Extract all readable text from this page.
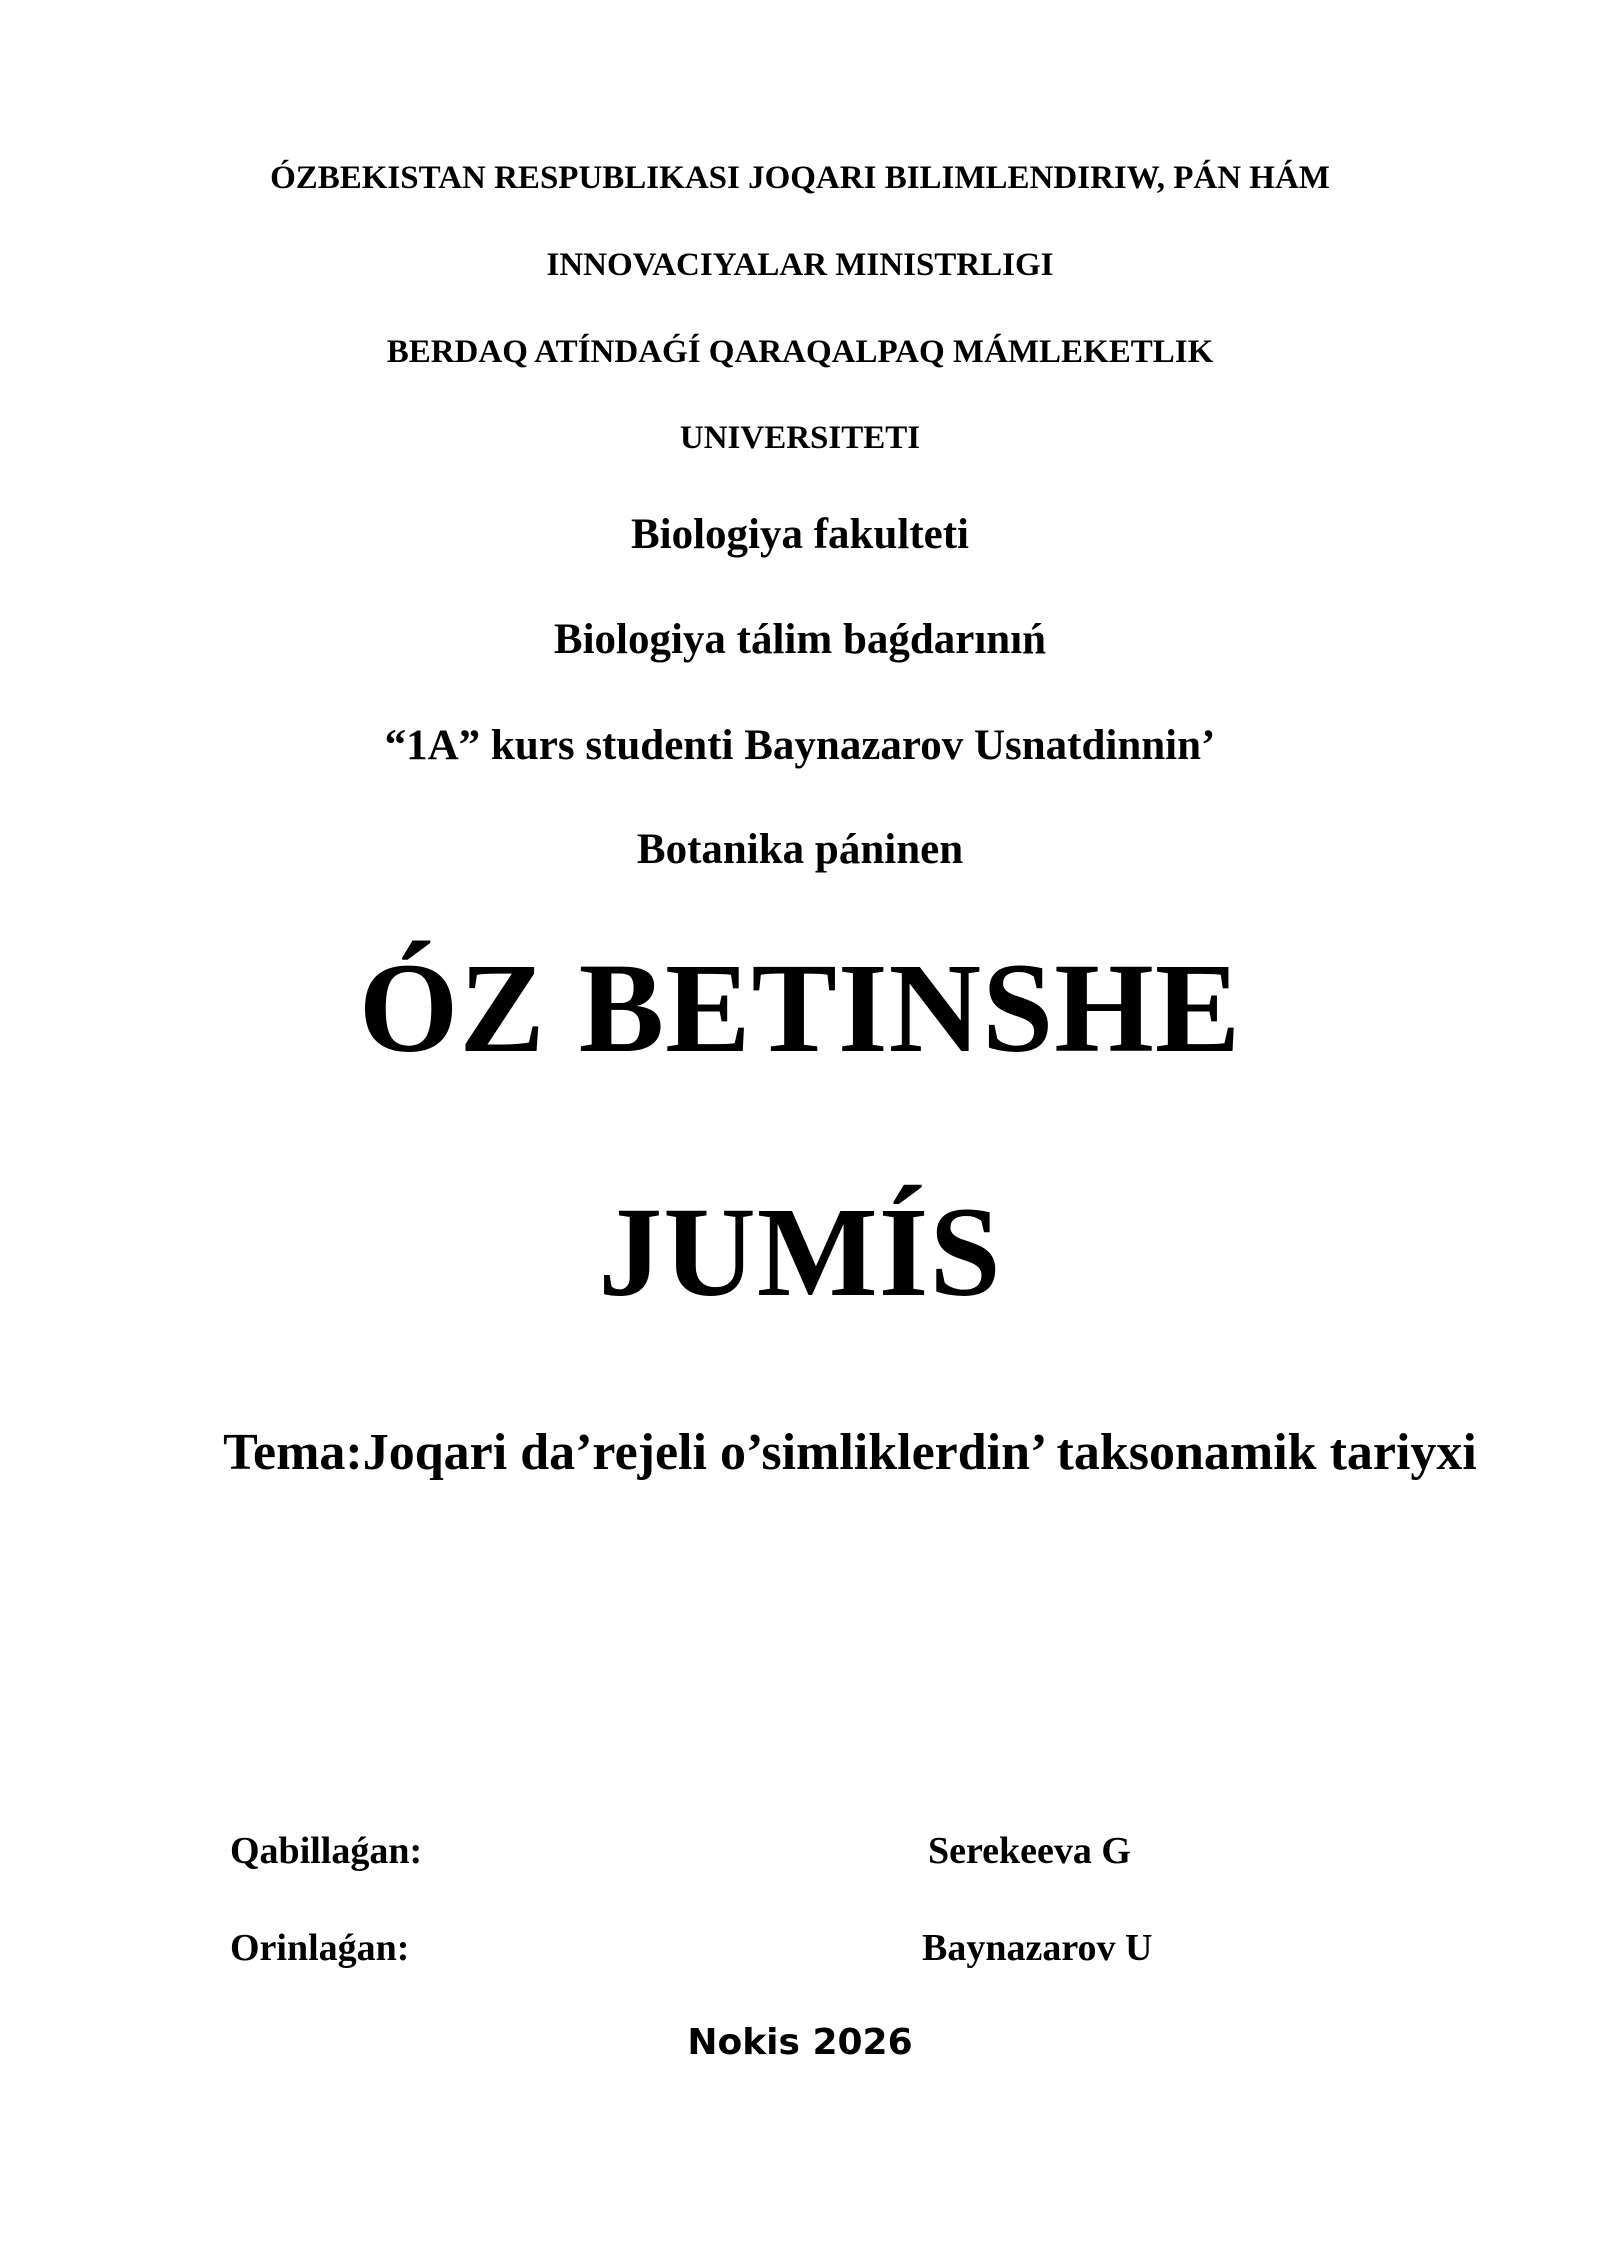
ÓZBEKISTAN RESPUBLIKASI JOQARI BILIMLENDIRIW, PÁN HÁM
INNOVACIYALAR MINISTRLIGI
BERDAQ ATÍNDAǴÍ QARAQALPAQ MÁMLEKETLIK
UNIVERSITETI
Biologiya fakulteti
Biologiya tálim baǵdarınıń
“1A” kurs studenti Baynazarov Usnatdinnin’
Botanika páninen
ÓZ BETINSHE
JUMÍS
Tema:Joqari da’rejeli o’simliklerdin’ taksonamik tariyxi
Qabillaǵan:	Serekeeva G
Orinlaǵan:	Baynazarov U
Nokis 2026
